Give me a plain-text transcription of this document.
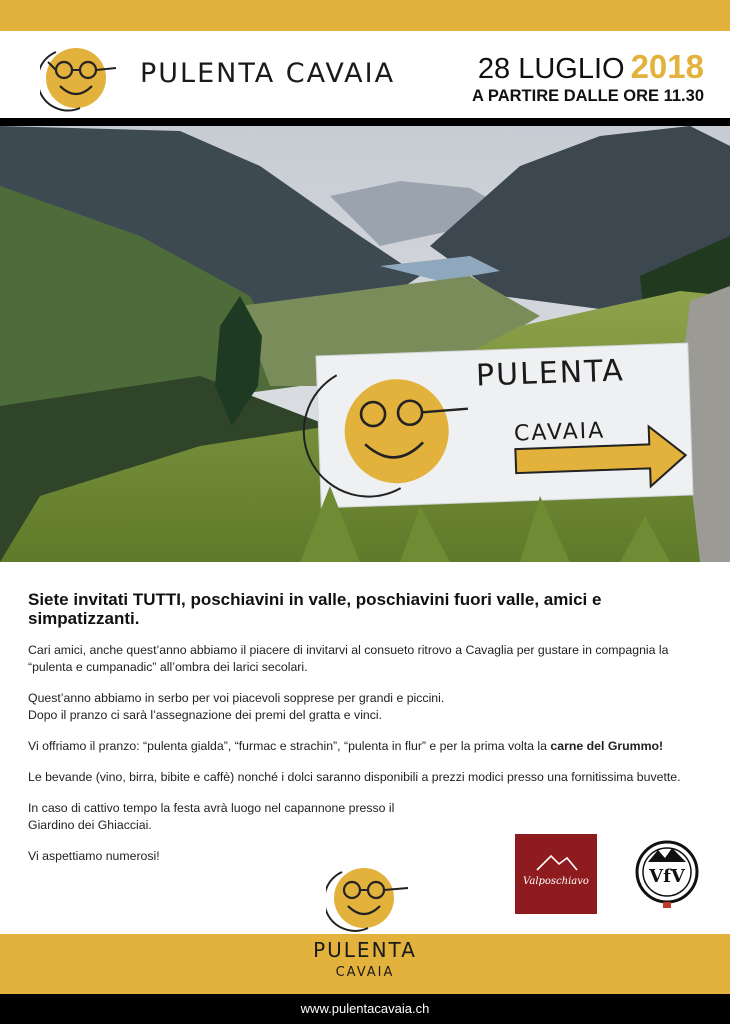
PULENTA CAVAIA	28 LUGLIO 2018
A PARTIRE DALLE ORE 11.30
PULENTA
CAVAIA

Siete invitati TUTTI, poschiavini in valle, poschiavini fuori valle, amici e simpatizzanti.

Cari amici, anche quest’anno abbiamo il piacere di invitarvi al consueto ritrovo a Cavaglia per gustare in compagnia la “pulenta e cumpanadic” all’ombra dei larici secolari.

Quest’anno abbiamo in serbo per voi piacevoli sopprese per grandi e piccini.
Dopo il pranzo ci sarà l’assegnazione dei premi del gratta e vinci.

Vi offriamo il pranzo: “pulenta gialda”, “furmac e strachin”, “pulenta in flur” e per la prima volta la carne del Grummo!

Le bevande (vino, birra, bibite e caffè) nonché i dolci saranno disponibili a prezzi modici presso una fornitissima buvette.

In caso di cattivo tempo la festa avrà luogo nel capannone presso il
Giardino dei Ghiacciai.

Vi aspettiamo numerosi!

Valposchiavo	VfV
PULENTA
CAVAIA
www.pulentacavaia.ch
